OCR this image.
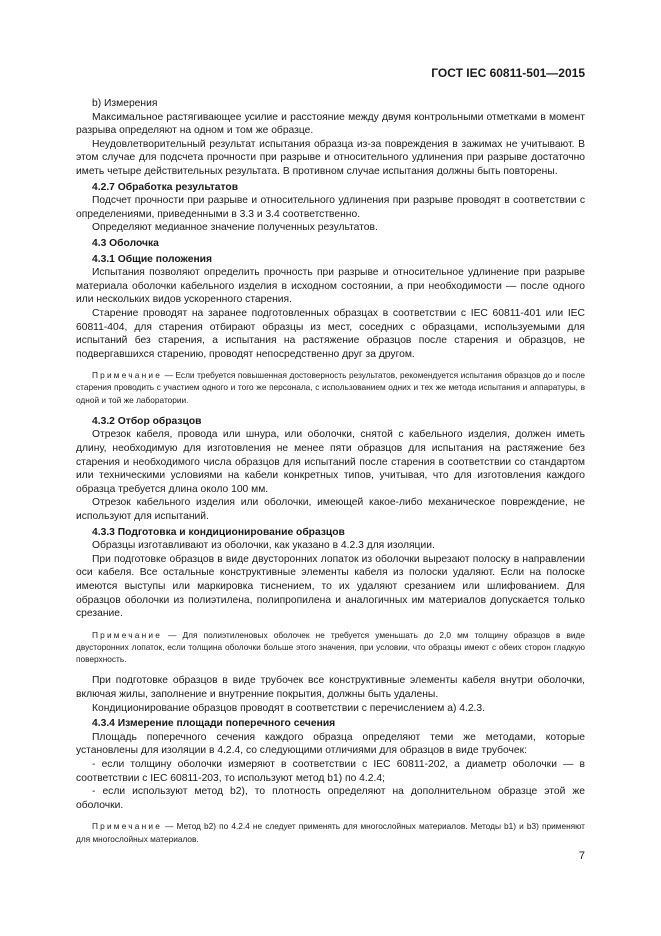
ГОСТ IEC 60811-501—2015

b) Измерения

Максимальное растягивающее усилие и расстояние между двумя контрольными отметками в момент разрыва определяют на одном и том же образце.

Неудовлетворительный результат испытания образца из-за повреждения в зажимах не учитывают. В этом случае для подсчета прочности при разрыве и относительного удлинения при разрыве достаточно иметь четыре действительных результата. В противном случае испытания должны быть повторены.

4.2.7 Обработка результатов

Подсчет прочности при разрыве и относительного удлинения при разрыве проводят в соответствии с определениями, приведенными в 3.3 и 3.4 соответственно.

Определяют медианное значение полученных результатов.

4.3 Оболочка

4.3.1 Общие положения

Испытания позволяют определить прочность при разрыве и относительное удлинение при разрыве материала оболочки кабельного изделия в исходном состоянии, а при необходимости — после одного или нескольких видов ускоренного старения.

Старение проводят на заранее подготовленных образцах в соответствии с IEC 60811-401 или IEC 60811-404, для старения отбирают образцы из мест, соседних с образцами, используемыми для испытаний без старения, а испытания на растяжение образцов после старения и образцов, не подвергавшихся старению, проводят непосредственно друг за другом.

Примечание — Если требуется повышенная достоверность результатов, рекомендуется испытания образцов до и после старения проводить с участием одного и того же персонала, с использованием одних и тех же метода испытания и аппаратуры, в одной и той же лаборатории.

4.3.2 Отбор образцов

Отрезок кабеля, провода или шнура, или оболочки, снятой с кабельного изделия, должен иметь длину, необходимую для изготовления не менее пяти образцов для испытания на растяжение без старения и необходимого числа образцов для испытаний после старения в соответствии со стандартом или техническими условиями на кабели конкретных типов, учитывая, что для изготовления каждого образца требуется длина около 100 мм.

Отрезок кабельного изделия или оболочки, имеющей какое-либо механическое повреждение, не используют для испытаний.

4.3.3 Подготовка и кондиционирование образцов

Образцы изготавливают из оболочки, как указано в 4.2.3 для изоляции.

При подготовке образцов в виде двусторонних лопаток из оболочки вырезают полоску в направлении оси кабеля. Все остальные конструктивные элементы кабеля из полоски удаляют. Если на полоске имеются выступы или маркировка тиснением, то их удаляют срезанием или шлифованием. Для образцов оболочки из полиэтилена, полипропилена и аналогичных им материалов допускается только срезание.

Примечание — Для полиэтиленовых оболочек не требуется уменьшать до 2,0 мм толщину образцов в виде двусторонних лопаток, если толщина оболочки больше этого значения, при условии, что образцы имеют с обеих сторон гладкую поверхность.

При подготовке образцов в виде трубочек все конструктивные элементы кабеля внутри оболочки, включая жилы, заполнение и внутренние покрытия, должны быть удалены.

Кондиционирование образцов проводят в соответствии с перечислением а) 4.2.3.

4.3.4 Измерение площади поперечного сечения

Площадь поперечного сечения каждого образца определяют теми же методами, которые установлены для изоляции в 4.2.4, со следующими отличиями для образцов в виде трубочек:

- если толщину оболочки измеряют в соответствии с IEC 60811-202, а диаметр оболочки — в соответствии с IEC 60811-203, то используют метод b1) по 4.2.4;

- если используют метод b2), то плотность определяют на дополнительном образце этой же оболочки.

Примечание — Метод b2) по 4.2.4 не следует применять для многослойных материалов. Методы b1) и b3) применяют для многослойных материалов.

7
